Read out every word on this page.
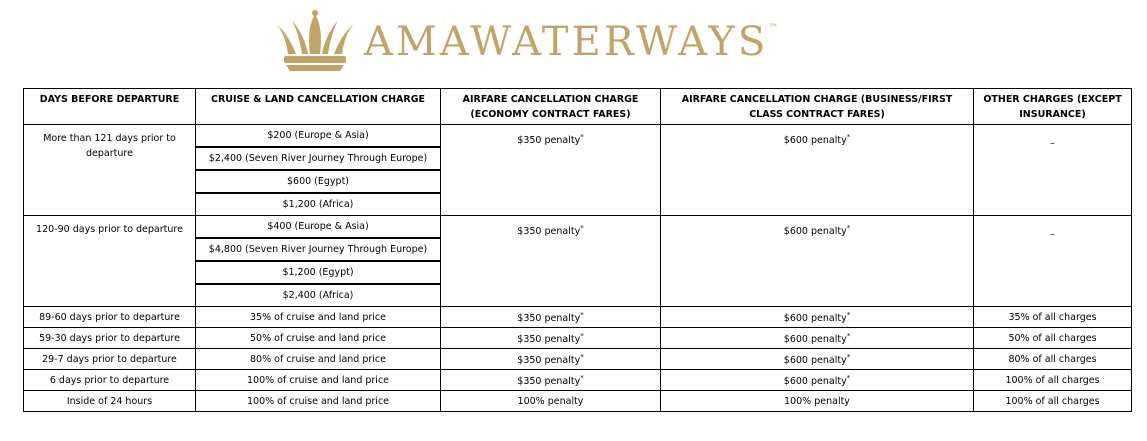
AMAWATERWAYS™
DAYS BEFORE DEPARTURE	CRUISE & LAND CANCELLATION CHARGE	AIRFARE CANCELLATION CHARGE (ECONOMY CONTRACT FARES)	AIRFARE CANCELLATION CHARGE (BUSINESS/FIRST CLASS CONTRACT FARES)	OTHER CHARGES (EXCEPT INSURANCE)
More than 121 days prior to departure	$200 (Europe & Asia)	$350 penalty*	$600 penalty*	–
	$2,400 (Seven River Journey Through Europe)			
	$600 (Egypt)			
	$1,200 (Africa)			
120-90 days prior to departure	$400 (Europe & Asia)	$350 penalty*	$600 penalty*	–
	$4,800 (Seven River Journey Through Europe)			
	$1,200 (Egypt)			
	$2,400 (Africa)			
89-60 days prior to departure	35% of cruise and land price	$350 penalty*	$600 penalty*	35% of all charges
59-30 days prior to departure	50% of cruise and land price	$350 penalty*	$600 penalty*	50% of all charges
29-7 days prior to departure	80% of cruise and land price	$350 penalty*	$600 penalty*	80% of all charges
6 days prior to departure	100% of cruise and land price	$350 penalty*	$600 penalty*	100% of all charges
Inside of 24 hours	100% of cruise and land price	100% penalty	100% penalty	100% of all charges
